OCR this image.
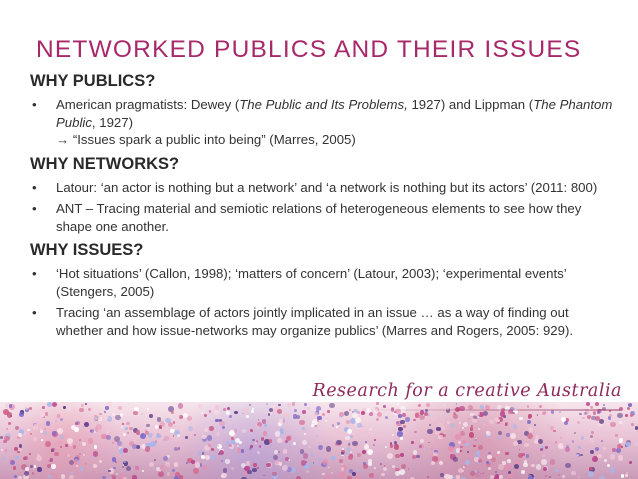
NETWORKED PUBLICS AND THEIR ISSUES
WHY PUBLICS?
• American pragmatists: Dewey (The Public and Its Problems, 1927) and Lippman (The Phantom Public, 1927)
→ “Issues spark a public into being” (Marres, 2005)
WHY NETWORKS?
• Latour: ‘an actor is nothing but a network’ and ‘a network is nothing but its actors’ (2011: 800)
• ANT – Tracing material and semiotic relations of heterogeneous elements to see how they shape one another.
WHY ISSUES?
• ‘Hot situations’ (Callon, 1998); ‘matters of concern’ (Latour, 2003); ‘experimental events’ (Stengers, 2005)
• Tracing ‘an assemblage of actors jointly implicated in an issue … as a way of finding out whether and how issue-networks may organize publics’ (Marres and Rogers, 2005: 929).
Research for a creative Australia
